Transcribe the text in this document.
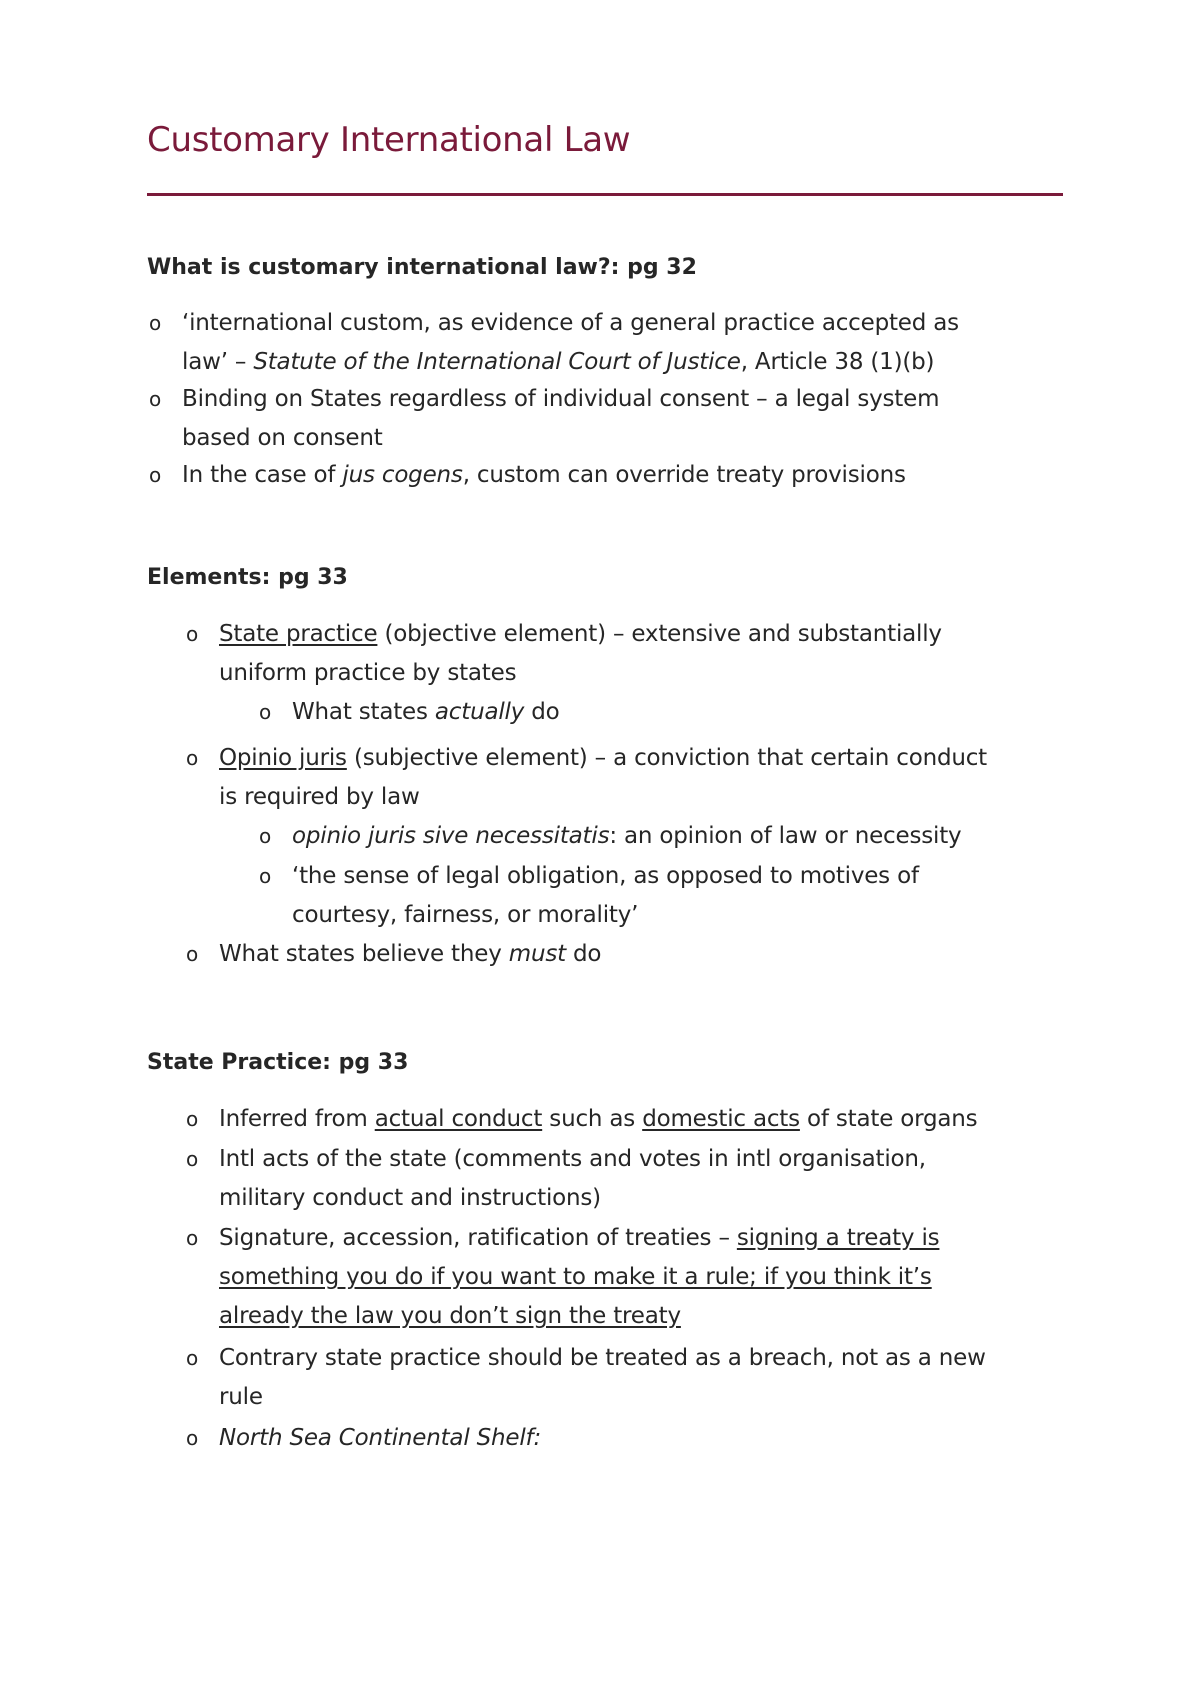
Customary International Law
What is customary international law?: pg 32
o ‘international custom, as evidence of a general practice accepted as
law’ – Statute of the International Court of Justice, Article 38 (1)(b)
o Binding on States regardless of individual consent – a legal system
based on consent
o In the case of jus cogens, custom can override treaty provisions
Elements: pg 33
o State practice (objective element) – extensive and substantially
uniform practice by states
o What states actually do
o Opinio juris (subjective element) – a conviction that certain conduct
is required by law
o opinio juris sive necessitatis: an opinion of law or necessity
o ‘the sense of legal obligation, as opposed to motives of
courtesy, fairness, or morality’
o What states believe they must do
State Practice: pg 33
o Inferred from actual conduct such as domestic acts of state organs
o Intl acts of the state (comments and votes in intl organisation,
military conduct and instructions)
o Signature, accession, ratification of treaties – signing a treaty is
something you do if you want to make it a rule; if you think it’s
already the law you don’t sign the treaty
o Contrary state practice should be treated as a breach, not as a new
rule
o North Sea Continental Shelf:
